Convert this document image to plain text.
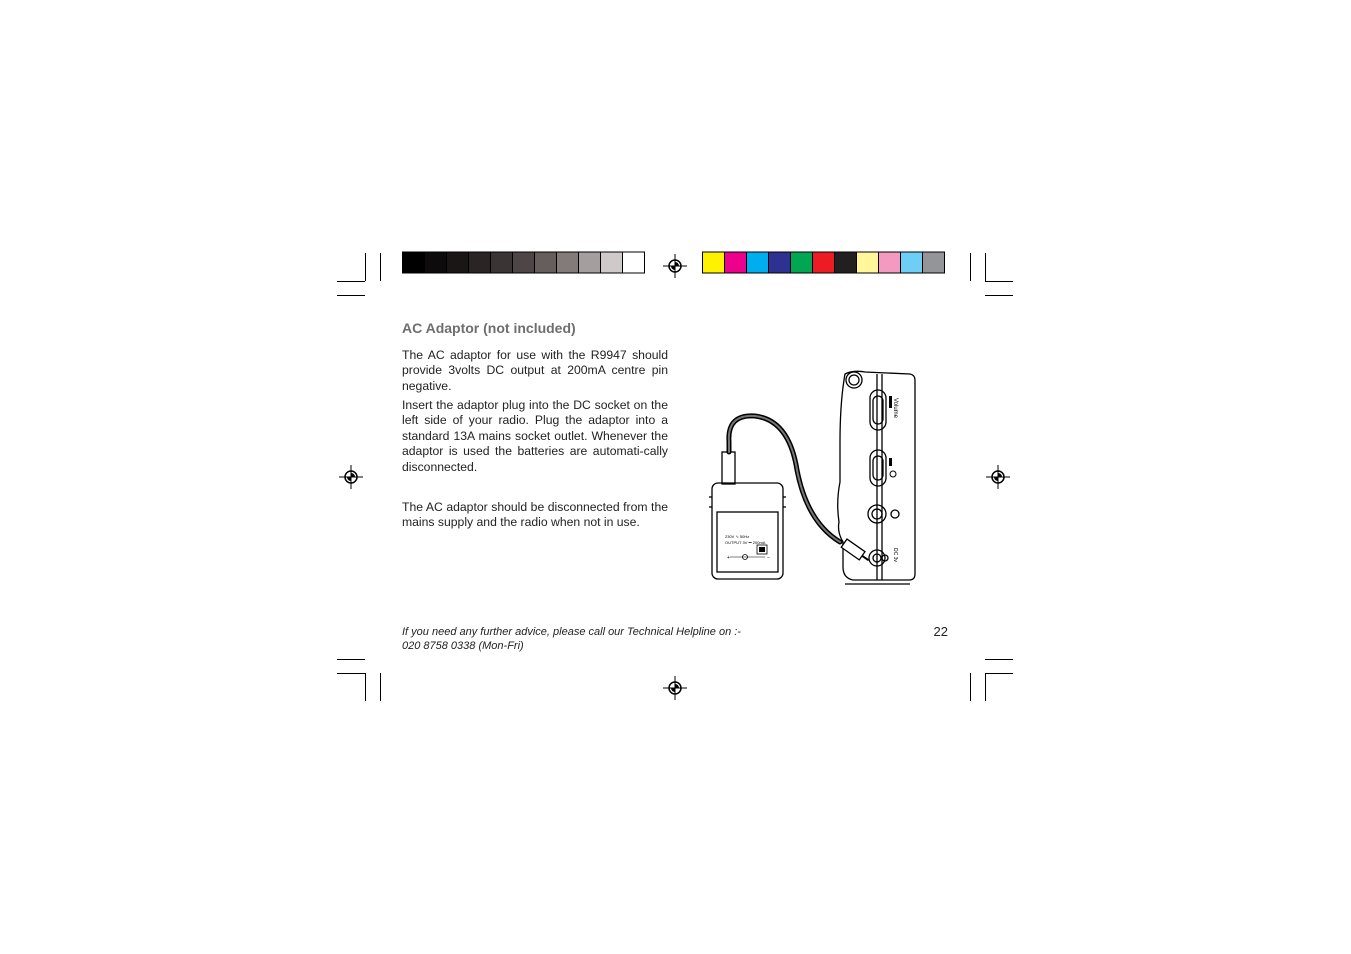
AC Adaptor (not included)
The AC adaptor for use with the R9947 should provide 3volts DC output at 200mA centre pin negative.
Insert the adaptor plug into the DC socket on the left side of your radio. Plug the adaptor into a standard 13A mains socket outlet. Whenever the adaptor is used the batteries are automati-cally disconnected.
The AC adaptor should be disconnected from the mains supply and the radio when not in use.
If you need any further advice, please call our Technical Helpline on :-
020 8758 0338 (Mon-Fri)
22
230V ∿ 50Hz
OUTPUT 3V ⎓ 200mA
+	−
Volume
DC 3v
